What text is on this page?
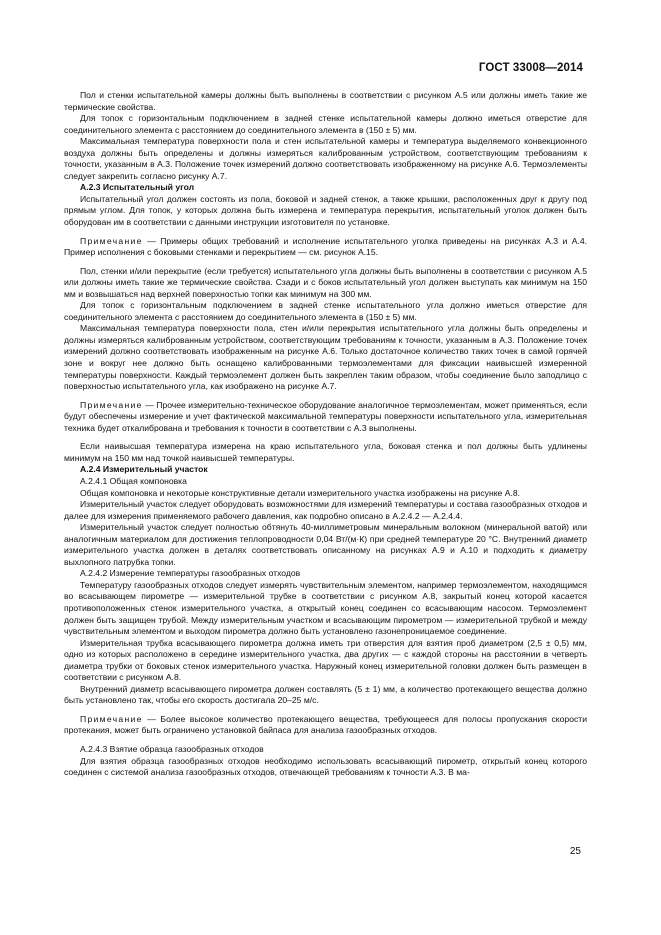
ГОСТ 33008—2014

Пол и стенки испытательной камеры должны быть выполнены в соответствии с рисунком А.5 или должны иметь такие же термические свойства.

Для топок с горизонтальным подключением в задней стенке испытательной камеры должно иметься отверстие для соединительного элемента с расстоянием до соединительного элемента в (150 ± 5) мм.

Максимальная температура поверхности пола и стен испытательной камеры и температура выделяемого конвекционного воздуха должны быть определены и должны измеряться калиброванным устройством, соответствующим требованиям к точности, указанным в А.3. Положение точек измерений должно соответствовать изображенному на рисунке А.6. Термоэлементы следует закрепить согласно рисунку А.7.

А.2.3 Испытательный угол

Испытательный угол должен состоять из пола, боковой и задней стенок, а также крышки, расположенных друг к другу под прямым углом. Для топок, у которых должна быть измерена и температура перекрытия, испытательный уголок должен быть оборудован им в соответствии с данными инструкции изготовителя по установке.

Примечание — Примеры общих требований и исполнение испытательного уголка приведены на рисунках А.3 и А.4. Пример исполнения с боковыми стенками и перекрытием — см. рисунок А.15.

Пол, стенки и/или перекрытие (если требуется) испытательного угла должны быть выполнены в соответствии с рисунком А.5 или должны иметь такие же термические свойства. Сзади и с боков испытательный угол должен выступать как минимум на 150 мм и возвышаться над верхней поверхностью топки как минимум на 300 мм.

Для топок с горизонтальным подключением в задней стенке испытательного угла должно иметься отверстие для соединительного элемента с расстоянием до соединительного элемента в (150 ± 5) мм.

Максимальная температура поверхности пола, стен и/или перекрытия испытательного угла должны быть определены и должны измеряться калиброванным устройством, соответствующим требованиям к точности, указанным в А.3. Положение точек измерений должно соответствовать изображенным на рисунке А.6. Только достаточное количество таких точек в самой горячей зоне и вокруг нее должно быть оснащено калиброванными термоэлементами для фиксации наивысшей измеренной температуры поверхности. Каждый термоэлемент должен быть закреплен таким образом, чтобы соединение было заподлицо с поверхностью испытательного угла, как изображено на рисунке А.7.

Примечание — Прочее измерительно-техническое оборудование аналогичное термоэлементам, может применяться, если будут обеспечены измерение и учет фактической максимальной температуры поверхности испытательного угла, измерительная техника будет откалибрована и требования к точности в соответствии с А.3 выполнены.

Если наивысшая температура измерена на краю испытательного угла, боковая стенка и пол должны быть удлинены минимум на 150 мм над точкой наивысшей температуры.

А.2.4 Измерительный участок

А.2.4.1 Общая компоновка

Общая компоновка и некоторые конструктивные детали измерительного участка изображены на рисунке А.8.

Измерительный участок следует оборудовать возможностями для измерений температуры и состава газообразных отходов и далее для измерения применяемого рабочего давления, как подробно описано в А.2.4.2 — А.2.4.4.

Измерительный участок следует полностью обтянуть 40-миллиметровым минеральным волокном (минеральной ватой) или аналогичным материалом для достижения теплопроводности 0,04 Вт/(м·К) при средней температуре 20 °С. Внутренний диаметр измерительного участка должен в деталях соответствовать описанному на рисунках А.9 и А.10 и подходить к диаметру выхлопного патрубка топки.

А.2.4.2 Измерение температуры газообразных отходов

Температуру газообразных отходов следует измерять чувствительным элементом, например термоэлементом, находящимся во всасывающем пирометре — измерительной трубке в соответствии с рисунком А.8, закрытый конец которой касается противоположенных стенок измерительного участка, а открытый конец соединен со всасывающим насосом. Термоэлемент должен быть защищен трубой. Между измерительным участком и всасывающим пирометром — измерительной трубкой и между чувствительным элементом и выходом пирометра должно быть установлено газонепроницаемое соединение.

Измерительная трубка всасывающего пирометра должна иметь три отверстия для взятия проб диаметром (2,5 ± 0,5) мм, одно из которых расположено в середине измерительного участка, два других — с каждой стороны на расстоянии в четверть диаметра трубки от боковых стенок измерительного участка. Наружный конец измерительной головки должен быть размещен в соответствии с рисунком А.8.

Внутренний диаметр всасывающего пирометра должен составлять (5 ± 1) мм, а количество протекающего вещества должно быть установлено так, чтобы его скорость достигала 20–25 м/с.

Примечание — Более высокое количество протекающего вещества, требующееся для полосы пропускания скорости протекания, может быть ограничено установкой байпаса для анализа газообразных отходов.

А.2.4.3 Взятие образца газообразных отходов

Для взятия образца газообразных отходов необходимо использовать всасывающий пирометр, открытый конец которого соединен с системой анализа газообразных отходов, отвечающей требованиям к точности А.3. В ма-

25
